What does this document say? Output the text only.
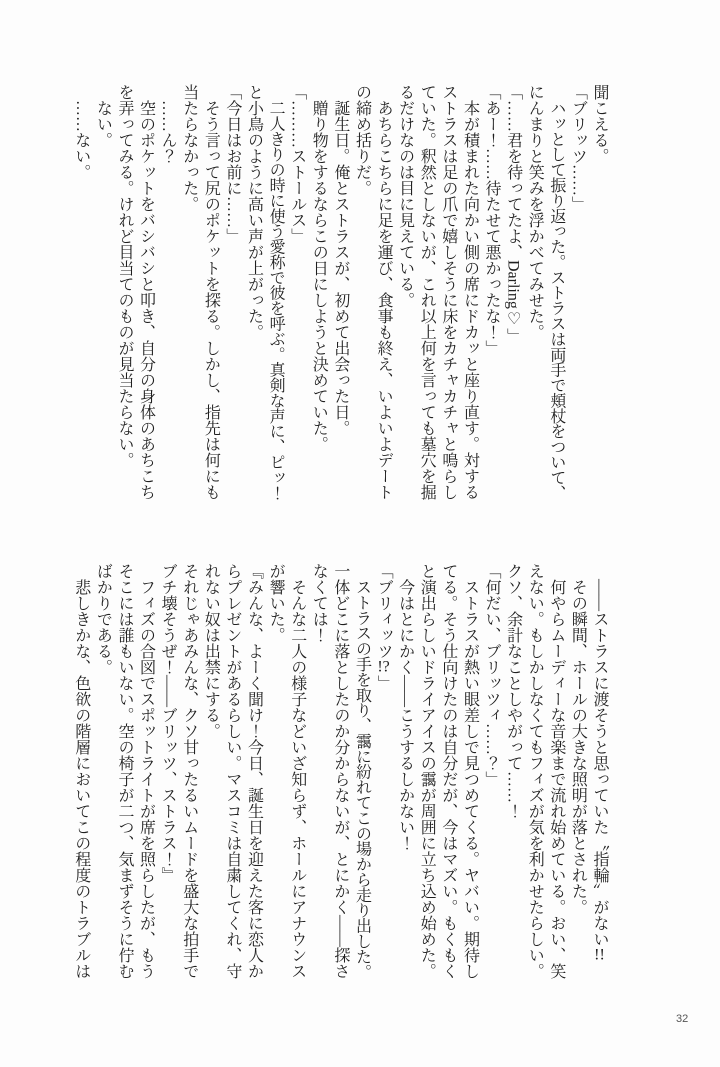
聞こえる。
「ブリッツ……」
ハッとして振り返った。ストラスは両手で頬杖をついて、
にんまりと笑みを浮かべてみせた。
「……君を待ってたよ、Darling♡」
「あー！……待たせて悪かったな！」
本が積まれた向かい側の席にドカッと座り直す。対する
ストラスは足の爪で嬉しそうに床をカチャカチャと鳴らし
ていた。釈然としないが、これ以上何を言っても墓穴を掘
るだけなのは目に見えている。
あちらこちらに足を運び、食事も終え、いよいよデート
の締め括りだ。
誕生日。俺とストラスが、初めて出会った日。
贈り物をするならこの日にしようと決めていた。
「………ストールス」
二人きりの時に使う愛称で彼を呼ぶ。真剣な声に、ピッ！
と小鳥のように高い声が上がった。
「今日はお前に……」
そう言って尻のポケットを探る。しかし、指先は何にも
当たらなかった。
……ん？
空のポケットをバシバシと叩き、自分の身体のあちこち
を弄ってみる。けれど目当てのものが見当たらない。
ない。
……ない。
――ストラスに渡そうと思っていた〝指輪〟がない!!
その瞬間、ホールの大きな照明が落とされた。
何やらムーディーな音楽まで流れ始めている。おい、笑
えない。もしかしなくてもフィズが気を利かせたらしい。
クソ、余計なことしやがって……！
「何だい、ブリッツィ……？」
ストラスが熱い眼差しで見つめてくる。ヤバい。期待し
てる。そう仕向けたのは自分だが、今はマズい。もくもく
と演出らしいドライアイスの靄が周囲に立ち込め始めた。
今はとにかく――こうするしかない！
「ブリィッツ!?」
ストラスの手を取り、靄に紛れてこの場から走り出した。
一体どこに落としたのか分からないが、とにかく――探さ
なくては！
そんな二人の様子などいざ知らず、ホールにアナウンス
が響いた。
『みんな、よーく聞け！今日、誕生日を迎えた客に恋人か
らプレゼントがあるらしい。マスコミは自粛してくれ、守
れない奴は出禁にする。
それじゃあみんな、クソ甘ったるいムードを盛大な拍手で
ブチ壊そうぜ！――ブリッツ、ストラス！』
フィズの合図でスポットライトが席を照らしたが、もう
そこには誰もいない。空の椅子が二つ、気まずそうに佇む
ばかりである。
悲しきかな、色欲の階層においてこの程度のトラブルは
32
